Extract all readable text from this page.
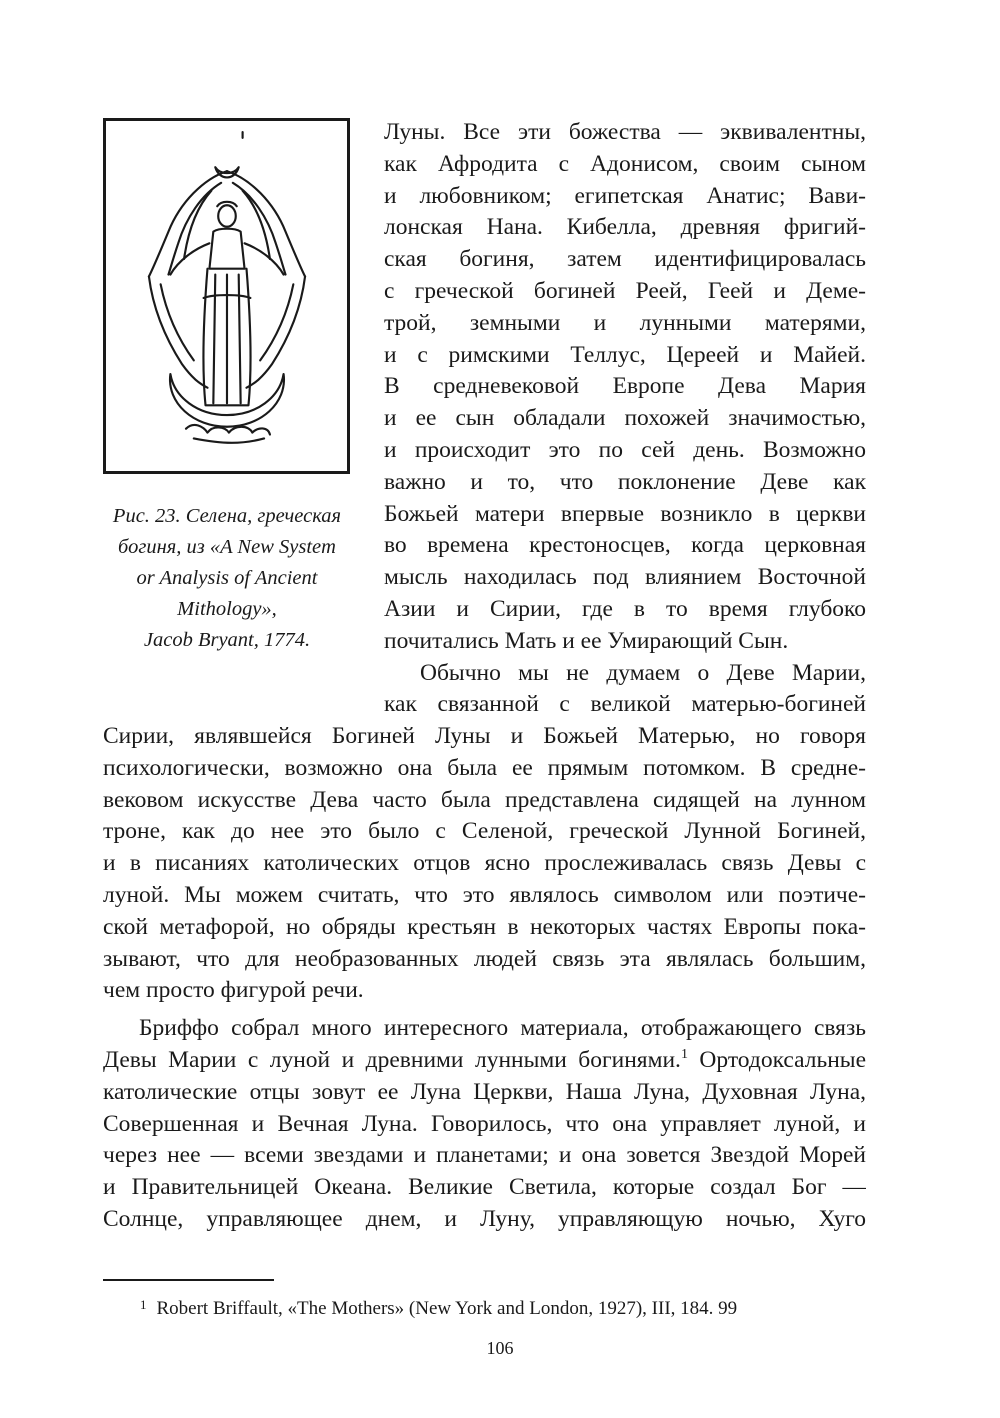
Рис. 23. Селена, греческая
богиня, из «A New System
or Analysis of Ancient
Mithology»,
Jacob Bryant, 1774.
Луны. Все эти божества — эквивалентны,
как Афродита с Адонисом, своим сыном
и любовником; египетская Анатис; Вави-
лонская Нана. Кибелла, древняя фригий-
ская богиня, затем идентифицировалась
с греческой богиней Реей, Геей и Деме-
трой, земными и лунными матерями,
и с римскими Теллус, Цереей и Майей.
В средневековой Европе Дева Мария
и ее сын обладали похожей значимостью,
и происходит это по сей день. Возможно
важно и то, что поклонение Деве как
Божьей матери впервые возникло в церкви
во времена крестоносцев, когда церковная
мысль находилась под влиянием Восточной
Азии и Сирии, где в то время глубоко
почитались Мать и ее Умирающий Сын.
Обычно мы не думаем о Деве Марии,
как связанной с великой матерью-богиней
Сирии, являвшейся Богиней Луны и Божьей Матерью, но говоря
психологически, возможно она была ее прямым потомком. В средне-
вековом искусстве Дева часто была представлена сидящей на лунном
троне, как до нее это было с Селеной, греческой Лунной Богиней,
и в писаниях католических отцов ясно прослеживалась связь Девы с
луной. Мы можем считать, что это являлось символом или поэтиче-
ской метафорой, но обряды крестьян в некоторых частях Европы пока-
зывают, что для необразованных людей связь эта являлась большим,
чем просто фигурой речи.
Бриффо собрал много интересного материала, отображающего связь
Девы Марии с луной и древними лунными богинями.$^1$ Ортодоксальные
католические отцы зовут ее Луна Церкви, Наша Луна, Духовная Луна,
Совершенная и Вечная Луна. Говорилось, что она управляет луной, и
через нее — всеми звездами и планетами; и она зовется Звездой Морей
и Правительницей Океана. Великие Светила, которые создал Бог —
Солнце, управляющее днем, и Луну, управляющую ночью, Хуго
$^1$ Robert Briffault, «The Mothers» (New York and London, 1927), III, 184. 99
106
